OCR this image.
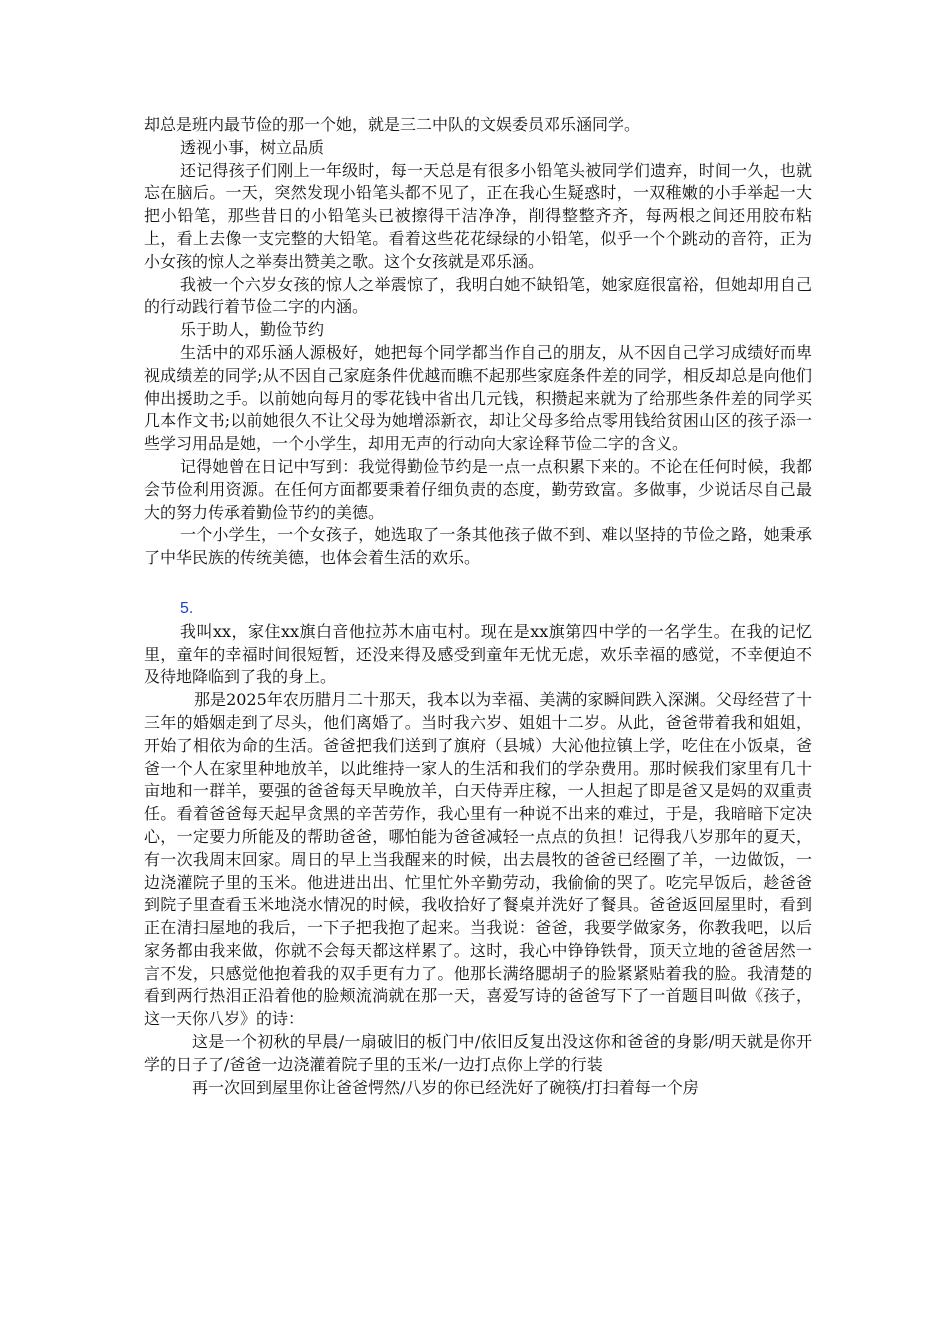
却总是班内最节俭的那一个她，就是三二中队的文娱委员邓乐涵同学。

透视小事，树立品质

还记得孩子们刚上一年级时，每一天总是有很多小铅笔头被同学们遗弃，时间一久，也就忘在脑后。一天，突然发现小铅笔头都不见了，正在我心生疑惑时，一双稚嫩的小手举起一大把小铅笔，那些昔日的小铅笔头已被擦得干洁净净，削得整整齐齐，每两根之间还用胶布粘上，看上去像一支完整的大铅笔。看着这些花花绿绿的小铅笔，似乎一个个跳动的音符，正为小女孩的惊人之举奏出赞美之歌。这个女孩就是邓乐涵。

我被一个六岁女孩的惊人之举震惊了，我明白她不缺铅笔，她家庭很富裕，但她却用自己的行动践行着节俭二字的内涵。

乐于助人，勤俭节约

生活中的邓乐涵人源极好，她把每个同学都当作自己的朋友，从不因自己学习成绩好而卑视成绩差的同学;从不因自己家庭条件优越而瞧不起那些家庭条件差的同学，相反却总是向他们伸出援助之手。以前她向每月的零花钱中省出几元钱，积攒起来就为了给那些条件差的同学买几本作文书;以前她很久不让父母为她增添新衣，却让父母多给点零用钱给贫困山区的孩子添一些学习用品是她，一个小学生，却用无声的行动向大家诠释节俭二字的含义。

记得她曾在日记中写到：我觉得勤俭节约是一点一点积累下来的。不论在任何时候，我都会节俭利用资源。在任何方面都要秉着仔细负责的态度，勤劳致富。多做事，少说话尽自己最大的努力传承着勤俭节约的美德。

一个小学生，一个女孩子，她选取了一条其他孩子做不到、难以坚持的节俭之路，她秉承了中华民族的传统美德，也体会着生活的欢乐。

5.

我叫xx，家住xx旗白音他拉苏木庙屯村。现在是xx旗第四中学的一名学生。在我的记忆里，童年的幸福时间很短暂，还没来得及感受到童年无忧无虑，欢乐幸福的感觉，不幸便迫不及待地降临到了我的身上。

那是2025年农历腊月二十那天，我本以为幸福、美满的家瞬间跌入深渊。父母经营了十三年的婚姻走到了尽头，他们离婚了。当时我六岁、姐姐十二岁。从此，爸爸带着我和姐姐，开始了相依为命的生活。爸爸把我们送到了旗府（县城）大沁他拉镇上学，吃住在小饭桌，爸爸一个人在家里种地放羊，以此维持一家人的生活和我们的学杂费用。那时候我们家里有几十亩地和一群羊，要强的爸爸每天早晚放羊，白天侍弄庄稼，一人担起了即是爸又是妈的双重责任。看着爸爸每天起早贪黑的辛苦劳作，我心里有一种说不出来的难过，于是，我暗暗下定决心，一定要力所能及的帮助爸爸，哪怕能为爸爸减轻一点点的负担！记得我八岁那年的夏天，有一次我周末回家。周日的早上当我醒来的时候，出去晨牧的爸爸已经圈了羊，一边做饭，一边浇灌院子里的玉米。他进进出出、忙里忙外辛勤劳动，我偷偷的哭了。吃完早饭后，趁爸爸到院子里查看玉米地浇水情况的时候，我收拾好了餐桌并洗好了餐具。爸爸返回屋里时，看到正在清扫屋地的我后，一下子把我抱了起来。当我说：爸爸，我要学做家务，你教我吧，以后家务都由我来做，你就不会每天都这样累了。这时，我心中铮铮铁骨，顶天立地的爸爸居然一言不发，只感觉他抱着我的双手更有力了。他那长满络腮胡子的脸紧紧贴着我的脸。我清楚的看到两行热泪正沿着他的脸颊流淌就在那一天，喜爱写诗的爸爸写下了一首题目叫做《孩子，这一天你八岁》的诗：

这是一个初秋的早晨/一扇破旧的板门中/依旧反复出没这你和爸爸的身影/明天就是你开学的日子了/爸爸一边浇灌着院子里的玉米/一边打点你上学的行装

再一次回到屋里你让爸爸愕然/八岁的你已经洗好了碗筷/打扫着每一个房
